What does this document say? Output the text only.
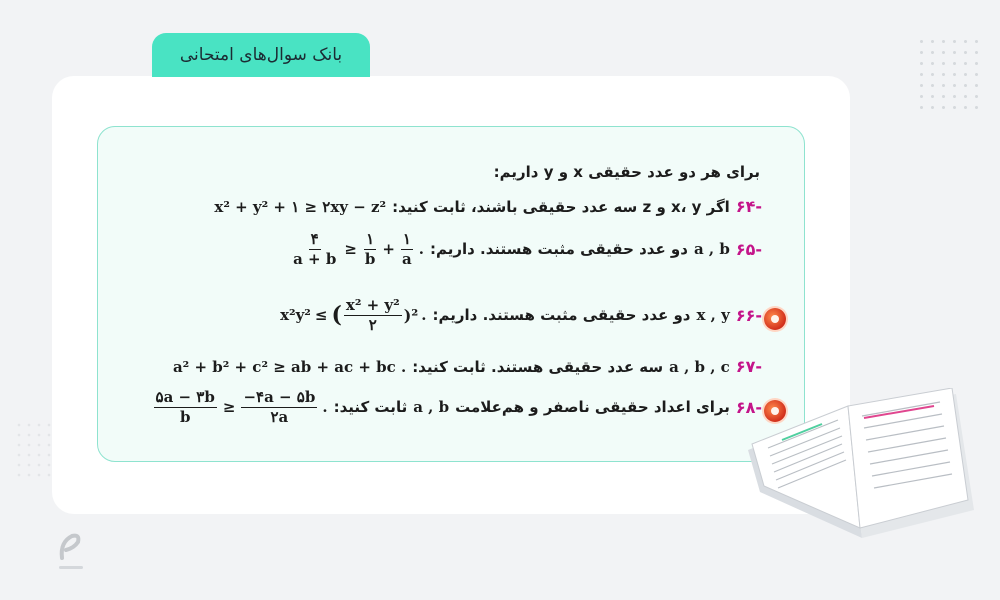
بانک سوال‌های امتحانی
برای هر دو عدد حقیقی x و y داریم:
-۶۴
اگر x، y و z سه عدد حقیقی باشند، ثابت کنید:
x² + y² + ۱ ≥ ۲xy − z²
-۶۵
a , b
دو عدد حقیقی مثبت هستند. داریم:
$\frac{۴}{a + b} \ge \frac{۱}{b} + \frac{۱}{a}$ .
-۶۶
x , y
دو عدد حقیقی مثبت هستند. داریم:
x²y² ≤ ( $\frac{\text{x² + y²}}{۲} )^2$ .
-۶۷
a , b , c
سه عدد حقیقی هستند. ثابت کنید:
a² + b² + c² ≥ ab + ac + bc .
-۶۸
برای اعداد حقیقی ناصفر و هم‌علامت
a , b
ثابت کنید:
$\frac{۵a - ۳b}{b} \ge \frac{-۴a - ۵b}{۲a}$ .
